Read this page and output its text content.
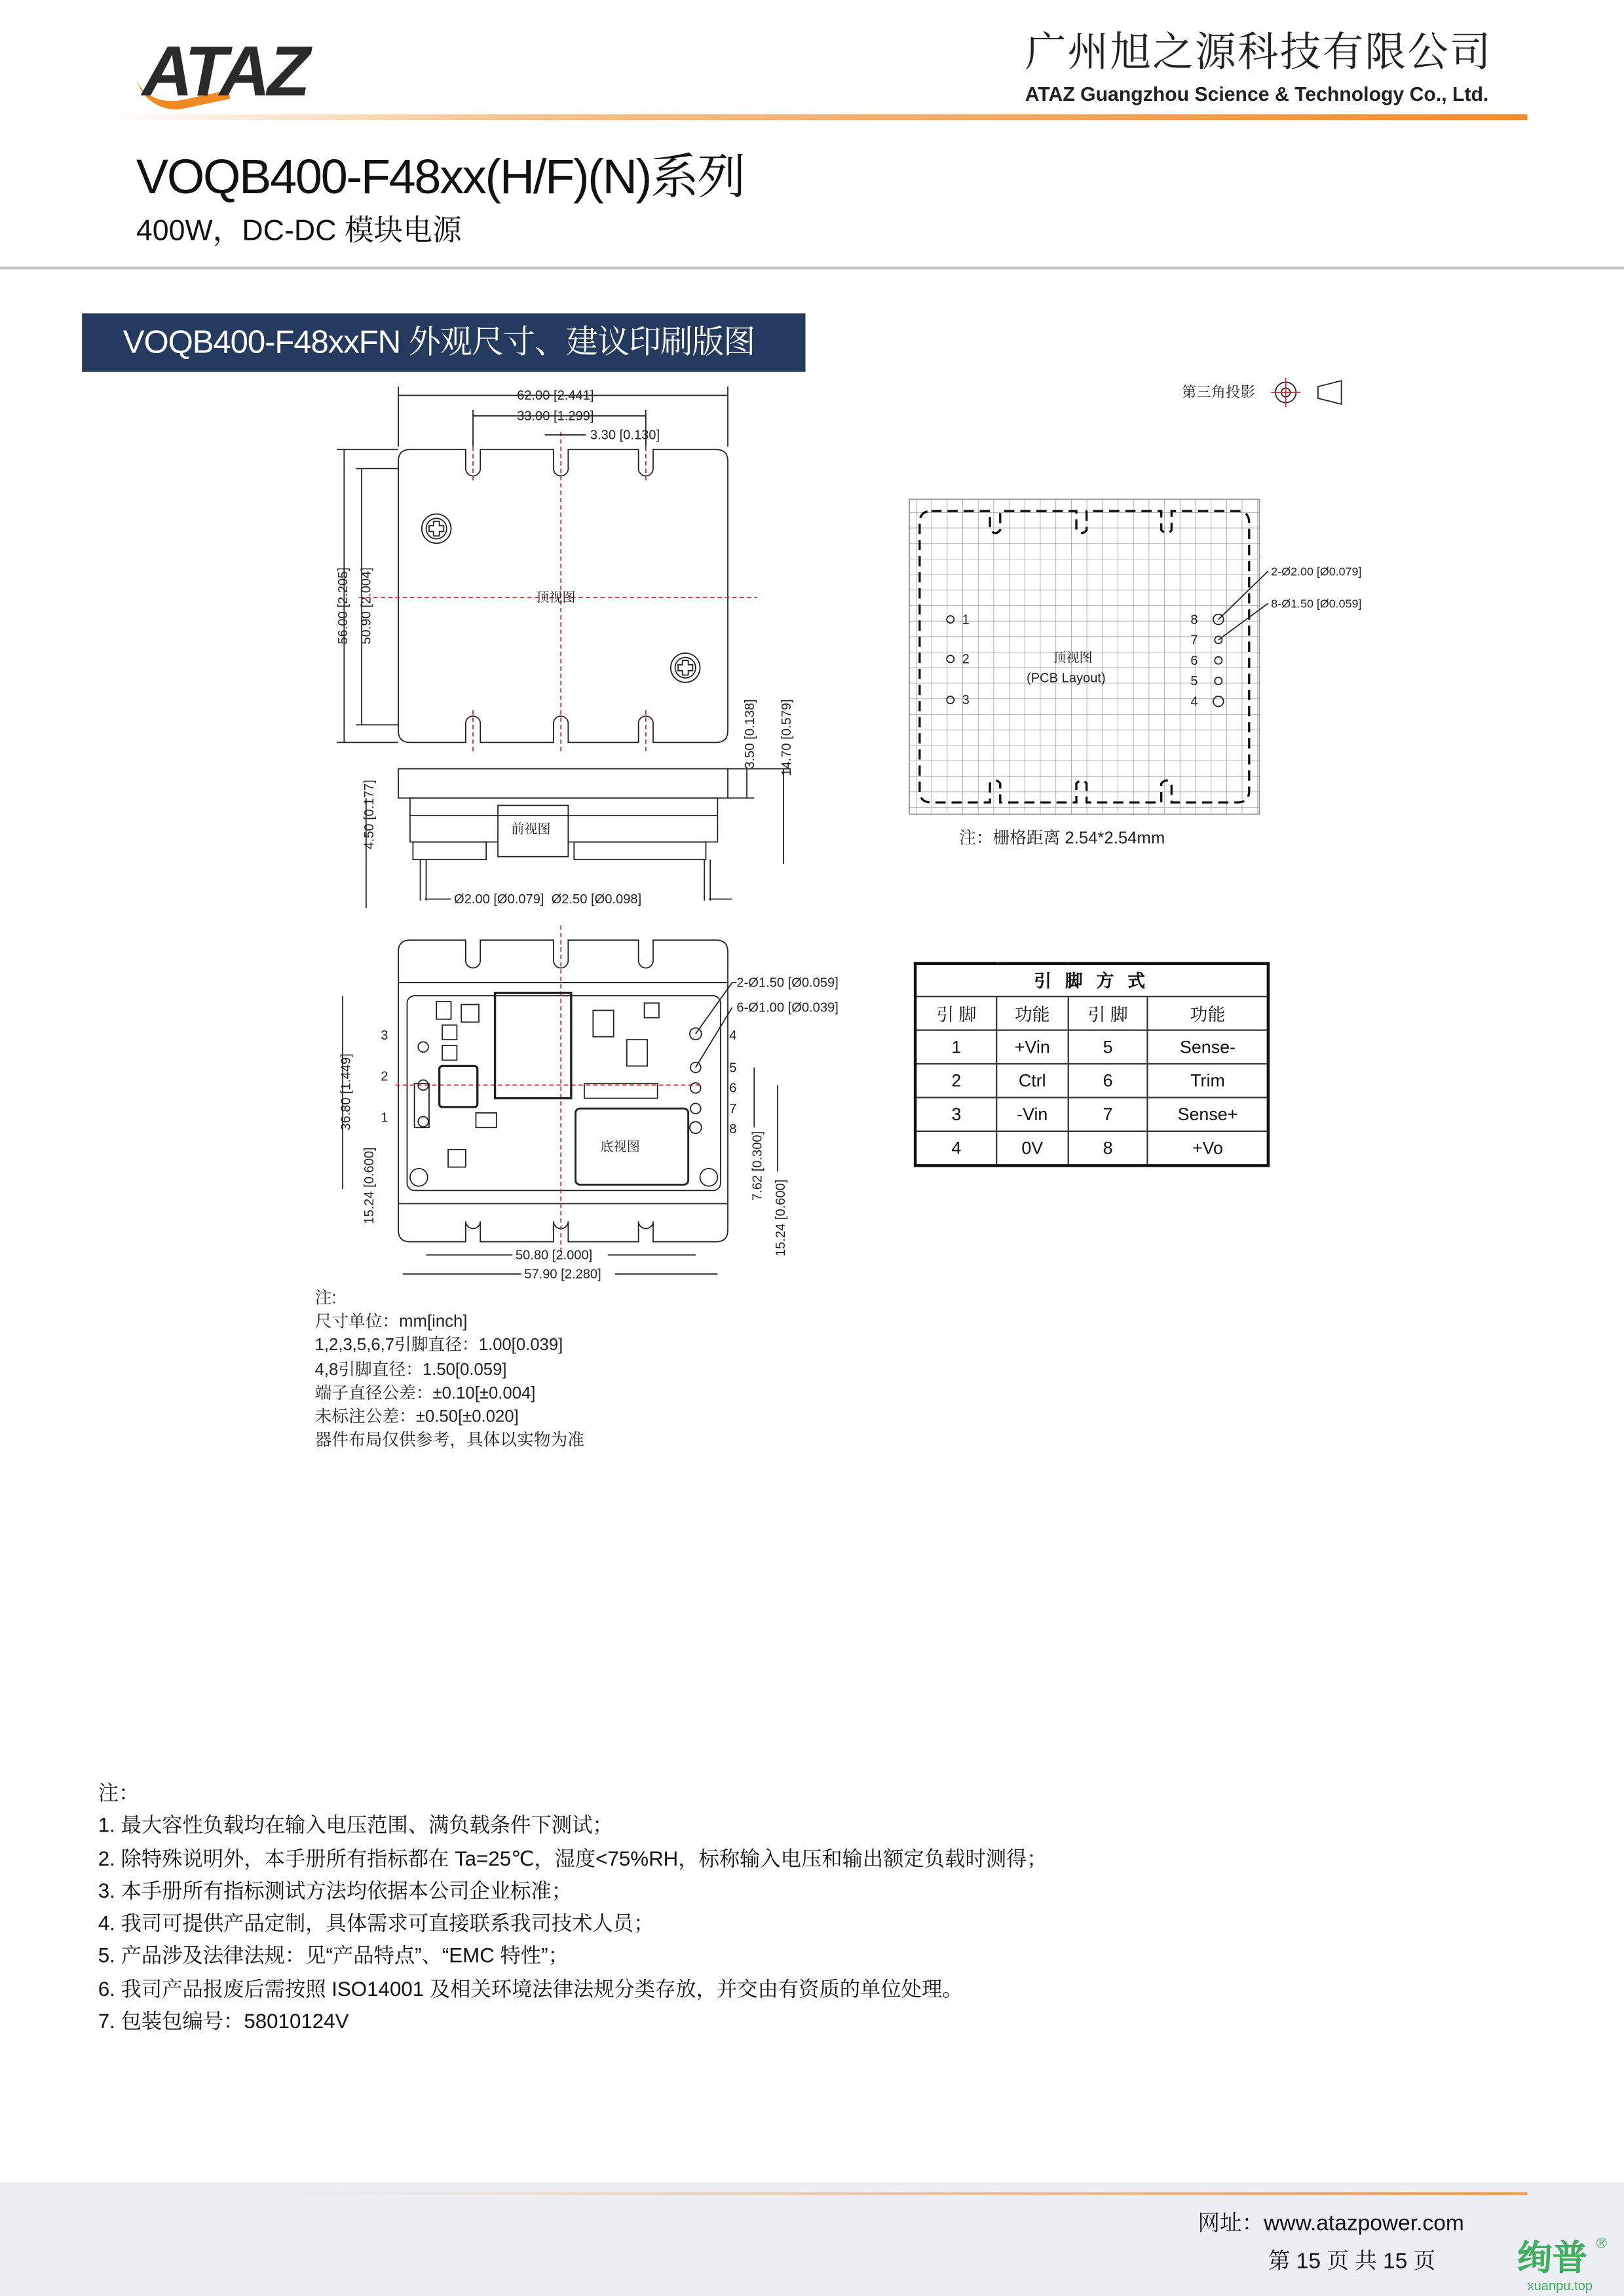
ATAZ	广州旭之源科技有限公司
ATAZ Guangzhou Science & Technology Co., Ltd.
VOQB400-F48xx(H/F)(N)系列
400W，DC-DC 模块电源
VOQB400-F48xxFN 外观尺寸、建议印刷版图
顶视图
62.00 [2.441]
33.00 [1.299]
3.30 [0.130]
56.00 [2.205] 50.90 [2.004]
3.50 [0.138]	14.70 [0.579]
前视图
4.50 [0.177]
Ø2.00 [Ø0.079]  Ø2.50 [Ø0.098]
底视图
3
2
1
4
5
6
7
8
2-Ø1.50 [Ø0.059]
6-Ø1.00 [Ø0.039]
36.80 [1.449]
15.24 [0.600]	7.62 [0.300]
15.24 [0.600]
50.80 [2.000]
57.90 [2.280]
第三角投影
1
2
3
8
7
6
5
4
顶视图
(PCB Layout)
2-Ø2.00 [Ø0.079]
8-Ø1.50 [Ø0.059]
注：栅格距离 2.54*2.54mm
引 脚 方 式			
引 脚	功能	引 脚	功能
1	+Vin	5	Sense-
2	Ctrl	6	Trim
3	-Vin	7	Sense+
4	0V	8	+Vo
注:
尺寸单位：mm[inch]
1,2,3,5,6,7引脚直径：1.00[0.039]
4,8引脚直径：1.50[0.059]
端子直径公差：±0.10[±0.004]
未标注公差：±0.50[±0.020]
器件布局仅供参考，具体以实物为准
注：
1. 最大容性负载均在输入电压范围、满负载条件下测试；
2. 除特殊说明外，本手册所有指标都在 Ta=25℃，湿度<75%RH，标称输入电压和输出额定负载时测得；
3. 本手册所有指标测试方法均依据本公司企业标准；
4. 我司可提供产品定制，具体需求可直接联系我司技术人员；
5. 产品涉及法律法规：见“产品特点”、“EMC 特性”；
6. 我司产品报废后需按照 ISO14001 及相关环境法律法规分类存放，并交由有资质的单位处理。
7. 包装包编号：58010124V
网址：www.atazpower.com
第 15 页 共 15 页	绚普 ®
xuanpu.top
